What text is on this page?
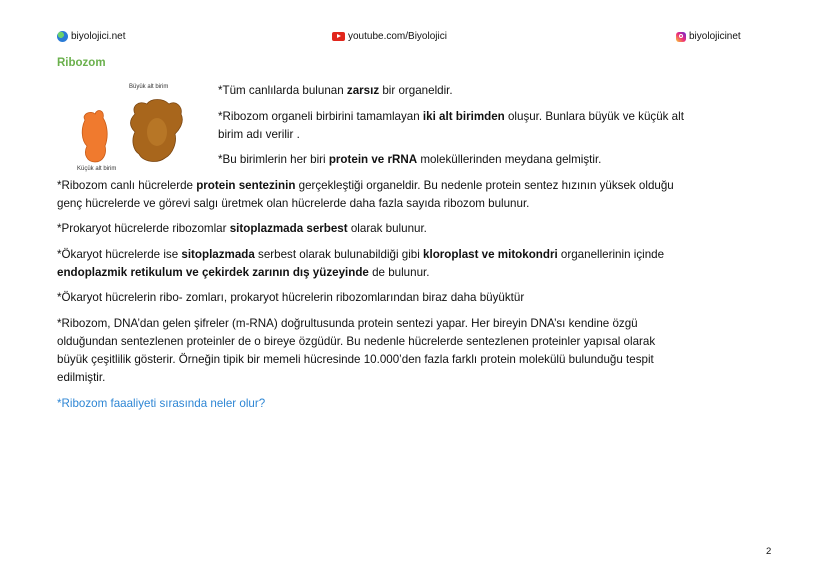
biyolojici.net	youtube.com/Biyolojici	biyolojicinet
Ribozom
Büyük alt birim
Küçük alt birim

*Tüm canlılarda bulunan zarsız bir organeldir.

*Ribozom organeli birbirini tamamlayan iki alt birimden oluşur. Bunlara büyük ve küçük alt
birim adı verilir .

*Bu birimlerin her biri protein ve rRNA moleküllerinden meydana gelmiştir.

*Ribozom canlı hücrelerde protein sentezinin gerçekleştiği organeldir. Bu nedenle protein sentez hızının yüksek olduğu
genç hücrelerde ve görevi salgı üretmek olan hücrelerde daha fazla sayıda ribozom bulunur.

*Prokaryot hücrelerde ribozomlar sitoplazmada serbest olarak bulunur.

*Ökaryot hücrelerde ise sitoplazmada serbest olarak bulunabildiği gibi kloroplast ve mitokondri organellerinin içinde
endoplazmik retikulum ve çekirdek zarının dış yüzeyinde de bulunur.

*Ökaryot hücrelerin ribo- zomları, prokaryot hücrelerin ribozomlarından biraz daha büyüktür

*Ribozom, DNA’dan gelen şifreler (m-RNA) doğrultusunda protein sentezi yapar. Her bireyin DNA’sı kendine özgü
olduğundan sentezlenen proteinler de o bireye özgüdür. Bu nedenle hücrelerde sentezlenen proteinler yapısal olarak
büyük çeşitlilik gösterir. Örneğin tipik bir memeli hücresinde 10.000’den fazla farklı protein molekülü bulunduğu tespit
edilmiştir.

*Ribozom faaaliyeti sırasında neler olur?
2
